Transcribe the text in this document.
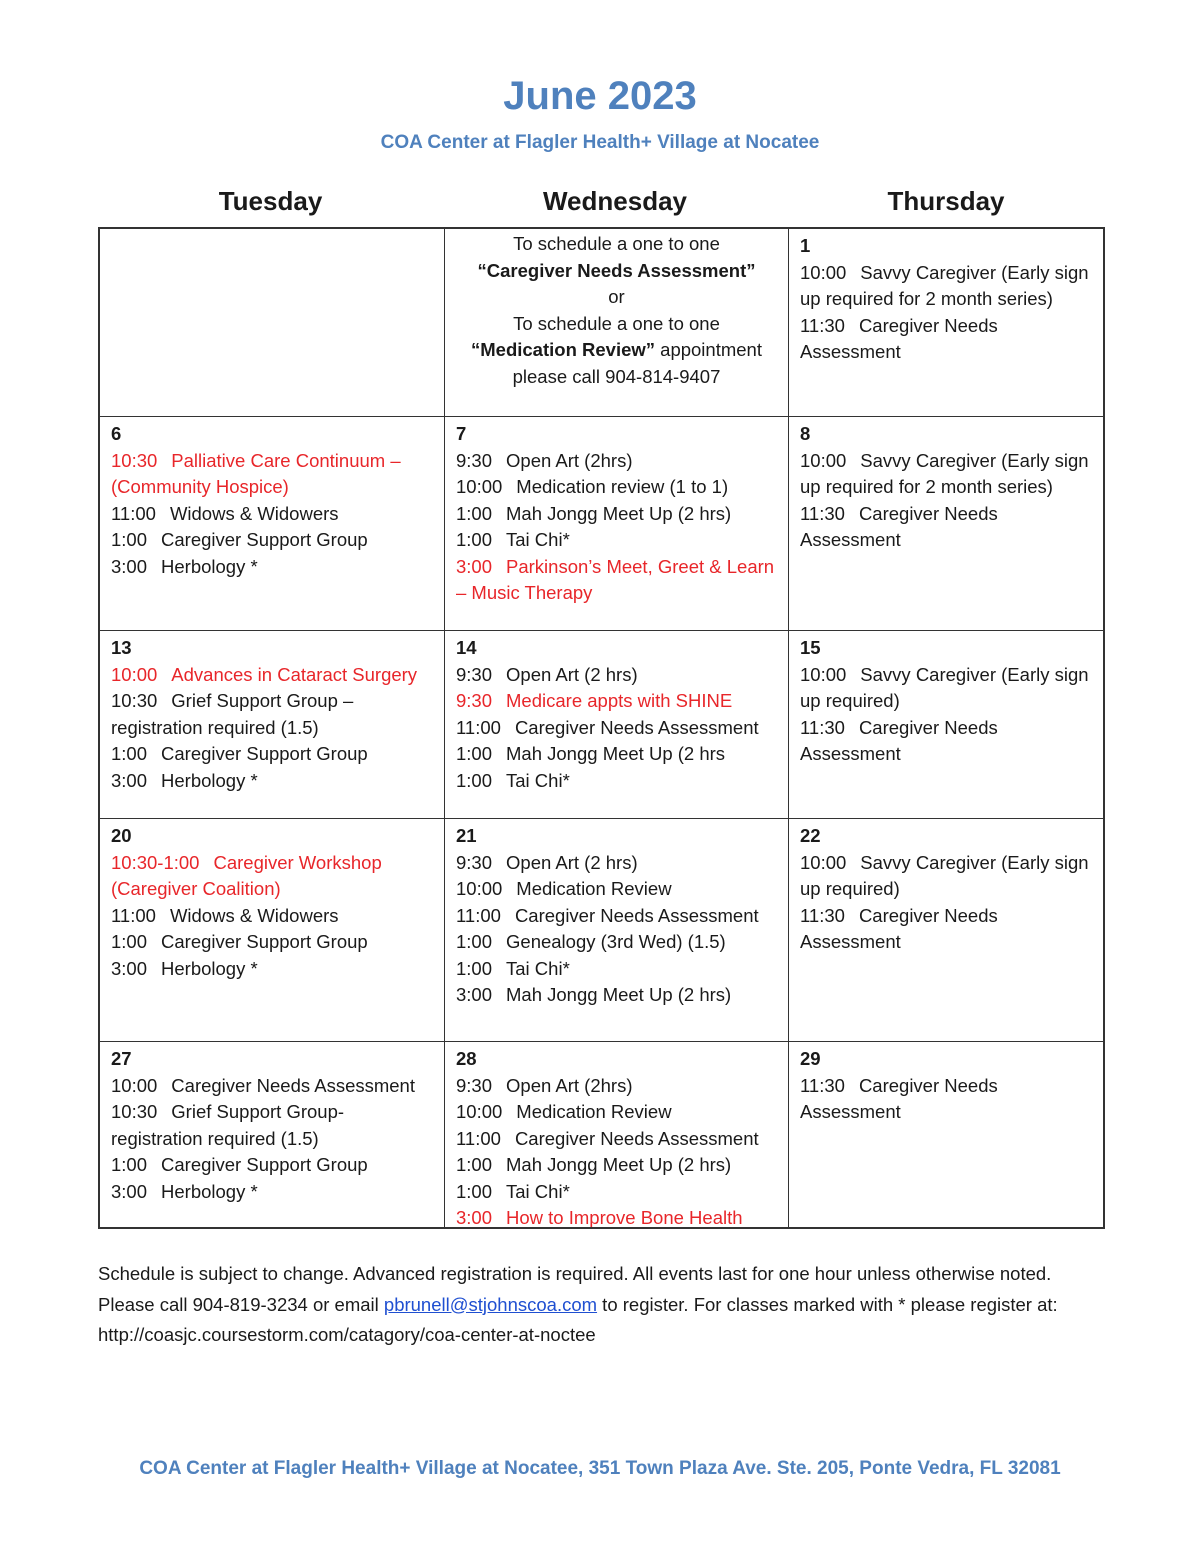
June 2023
COA Center at Flagler Health+ Village at Nocatee
Tuesday	Wednesday	Thursday
To schedule a one to one
“Caregiver Needs Assessment”
or
To schedule a one to one
“Medication Review” appointment
please call 904-814-9407
1
10:00 Savvy Caregiver (Early sign up required for 2 month series)
11:30 Caregiver Needs Assessment
6
10:30 Palliative Care Continuum – (Community Hospice)
11:00 Widows & Widowers
1:00 Caregiver Support Group
3:00 Herbology *
7
9:30 Open Art (2hrs)
10:00 Medication review (1 to 1)
1:00 Mah Jongg Meet Up (2 hrs)
1:00 Tai Chi*
3:00 Parkinson’s Meet, Greet & Learn – Music Therapy
8
10:00 Savvy Caregiver (Early sign up required for 2 month series)
11:30 Caregiver Needs Assessment
13
10:00 Advances in Cataract Surgery
10:30 Grief Support Group – registration required (1.5)
1:00 Caregiver Support Group
3:00 Herbology *
14
9:30 Open Art (2 hrs)
9:30 Medicare appts with SHINE
11:00 Caregiver Needs Assessment
1:00 Mah Jongg Meet Up (2 hrs
1:00 Tai Chi*
15
10:00 Savvy Caregiver (Early sign up required)
11:30 Caregiver Needs Assessment
20
10:30-1:00 Caregiver Workshop (Caregiver Coalition)
11:00 Widows & Widowers
1:00 Caregiver Support Group
3:00 Herbology *
21
9:30 Open Art (2 hrs)
10:00 Medication Review
11:00 Caregiver Needs Assessment
1:00 Genealogy (3rd Wed) (1.5)
1:00 Tai Chi*
3:00 Mah Jongg Meet Up (2 hrs)
22
10:00 Savvy Caregiver (Early sign up required)
11:30 Caregiver Needs Assessment
27
10:00 Caregiver Needs Assessment
10:30 Grief Support Group- registration required (1.5)
1:00 Caregiver Support Group
3:00 Herbology *
28
9:30 Open Art (2hrs)
10:00 Medication Review
11:00 Caregiver Needs Assessment
1:00 Mah Jongg Meet Up (2 hrs)
1:00 Tai Chi*
3:00 How to Improve Bone Health
29
11:30 Caregiver Needs Assessment
Schedule is subject to change. Advanced registration is required. All events last for one hour unless otherwise noted. Please call 904-819-3234 or email pbrunell@stjohnscoa.com to register. For classes marked with * please register at: http://coasjc.coursestorm.com/catagory/coa-center-at-noctee
COA Center at Flagler Health+ Village at Nocatee, 351 Town Plaza Ave. Ste. 205, Ponte Vedra, FL 32081
